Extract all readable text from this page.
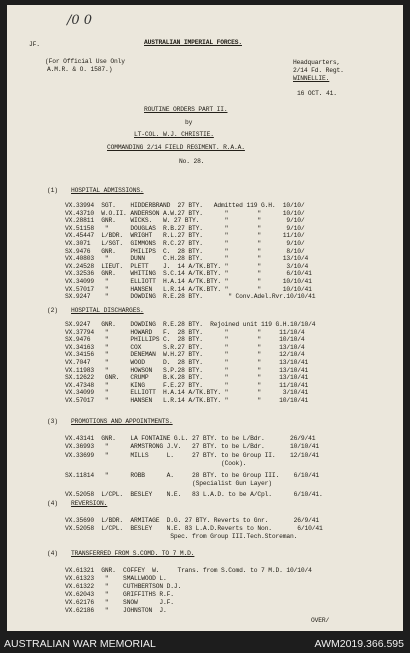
/0 0
JF.	AUSTRALIAN IMPERIAL FORCES.
(For Official Use Only
A.M.R. & O. 1587.)
Headquarters,
2/14 Fd. Regt.
WINNELLIE.
16 OCT. 41.
ROUTINE ORDERS PART II.
by
LT-COL. W.J. CHRISTIE.
COMMANDING 2/14 FIELD REGIMENT. R.A.A.
No. 28.
(1) HOSPITAL ADMISSIONS.
VX.33994  SGT.    HIDDERBRAND  27 BTY.   Admitted 119 G.H.  10/10/
VX.43710  W.O.II. ANDERSON A.W.27 BTY.      "        "      10/10/
VX.28811  GNR.    WICKS.   W. 27 BTY.       "        "       9/10/
VX.51158   "      DOUGLAS  R.B.27 BTY.      "        "       9/10/
VX.45447  L/BDR.  WRIGHT   R.L.27 BTY.      "        "      11/10/
VX.3071   L/SGT.  GIMMONS  R.C.27 BTY.      "        "       9/10/
SX.9476   GNR.    PHILIPS  C.  28 BTY.      "        "       8/10/
VX.40803   "      DUNN     C.H.28 BTY.      "        "      13/10/4
VX.24528  LIEUT.  PLETT    J.  14 A/TK.BTY. "        "       3/10/4
VX.32536  GNR.    WHITING  S.C.14 A/TK.BTY. "        "       6/10/41
VX.34099   "      ELLIOTT  H.A.14 A/TK.BTY. "        "      10/10/41
VX.57017   "      HANSEN   L.R.14 A/TK.BTY. "        "      10/10/41
SX.9247    "      DOWDING  R.E.28 BTY.       " Conv.Adel.Rvr.10/10/41
(2) HOSPITAL DISCHARGES.
SX.9247   GNR.    DOWDING  R.E.28 BTY.  Rejoined unit 119 G.H.10/10/4
VX.37794   "      HOWARD   F.  28 BTY.      "        "     11/10/4
SX.9476    "      PHILLIPS C.  28 BTY.      "        "     10/10/4
VX.34163   "      COX      S.R.27 BTY.      "        "     13/10/4
VX.34156   "      DENEMAN  W.H.27 BTY.      "        "     12/10/4
VX.7047    "      WOOD     D.  28 BTY.      "        "     13/10/41
VX.11983   "      HOWSON   S.P.28 BTY.      "        "     13/10/41
SX.12622   GNR.   CRUMP    B.K.28 BTY.      "        "     13/10/41
VX.47348   "      KING     F.E.27 BTY.      "        "     11/10/41
VX.34099   "      ELLIOTT  H.A.14 A/TK.BTY. "        "      3/10/41
VX.57017   "      HANSEN   L.R.14 A/TK.BTY. "        "     10/10/41
(3) PROMOTIONS AND APPOINTMENTS.
VX.43141  GNR.    LA FONTAINE G.L. 27 BTY. to be L/Bdr.       26/9/41
VX.36993   "      ARMSTRONG J.V.   27 BTY. to be L/Bdr.       10/10/41
VX.33699   "      MILLS     L.     27 BTY. to be Group II.    12/10/41
(Cook).
SX.11814   "      ROBB      A.     28 BTY. to be Group III.    6/10/41
(Specialist Gun Layer)
VX.52058  L/CPL.  BESLEY    N.E.   83 L.A.D. to be A/Cpl.      6/10/41.
(4) REVERSION.
VX.35690  L/BDR.  ARMITAGE  D.G. 27 BTY. Reverts to Gnr.       26/9/41
VX.52058  L/CPL.  BESLEY    N.E. 83 L.A.D.Reverts to Non.       6/10/41
Spec. from Group III.Tech.Storeman.
(4) TRANSFERRED FROM S.COMD. TO 7 M.D.
VX.61321  GNR.  COFFEY  W.     Trans. from S.Comd. to 7 M.D. 10/10/4
VX.61323   "    SMALLWOOD L.
VX.61322   "    CUTHBERTSON D.J.
VX.62043   "    GRIFFITHS R.F.
VX.62176   "    SNOW      J.F.
VX.62186   "    JOHNSTON  J.
OVER/
AUSTRALIAN WAR MEMORIAL	AWM2019.366.595
